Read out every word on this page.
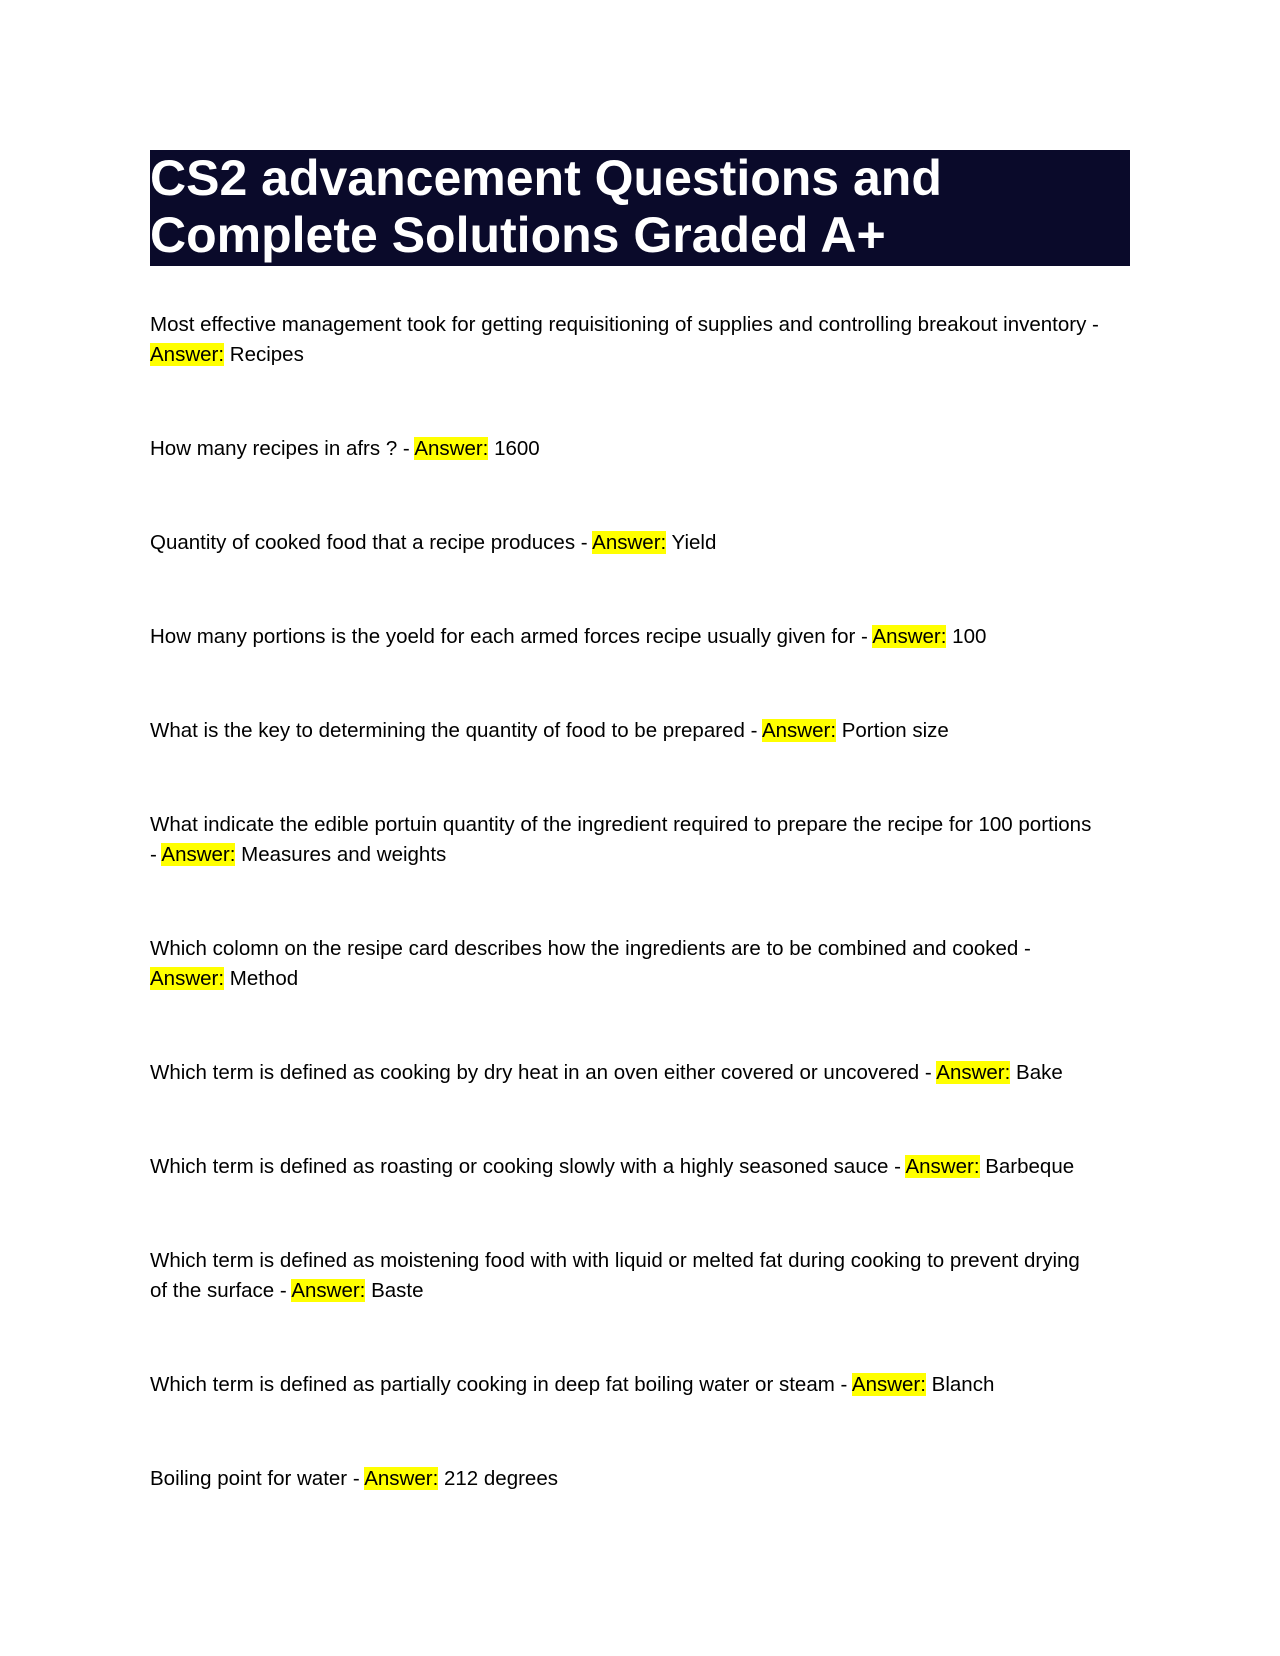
CS2 advancement Questions and
Complete Solutions Graded A+
Most effective management took for getting requisitioning of supplies and controlling breakout inventory - Answer: Recipes
How many recipes in afrs ? - Answer: 1600
Quantity of cooked food that a recipe produces - Answer: Yield
How many portions is the yoeld for each armed forces recipe usually given for - Answer: 100
What is the key to determining the quantity of food to be prepared - Answer: Portion size
What indicate the edible portuin quantity of the ingredient required to prepare the recipe for 100 portions - Answer: Measures and weights
Which colomn on the resipe card describes how the ingredients are to be combined and cooked - Answer: Method
Which term is defined as cooking by dry heat in an oven either covered or uncovered - Answer: Bake
Which term is defined as roasting or cooking slowly with a highly seasoned sauce - Answer: Barbeque
Which term is defined as moistening food with with liquid or melted fat during cooking to prevent drying of the surface - Answer: Baste
Which term is defined as partially cooking in deep fat boiling water or steam - Answer: Blanch
Boiling point for water - Answer: 212 degrees
